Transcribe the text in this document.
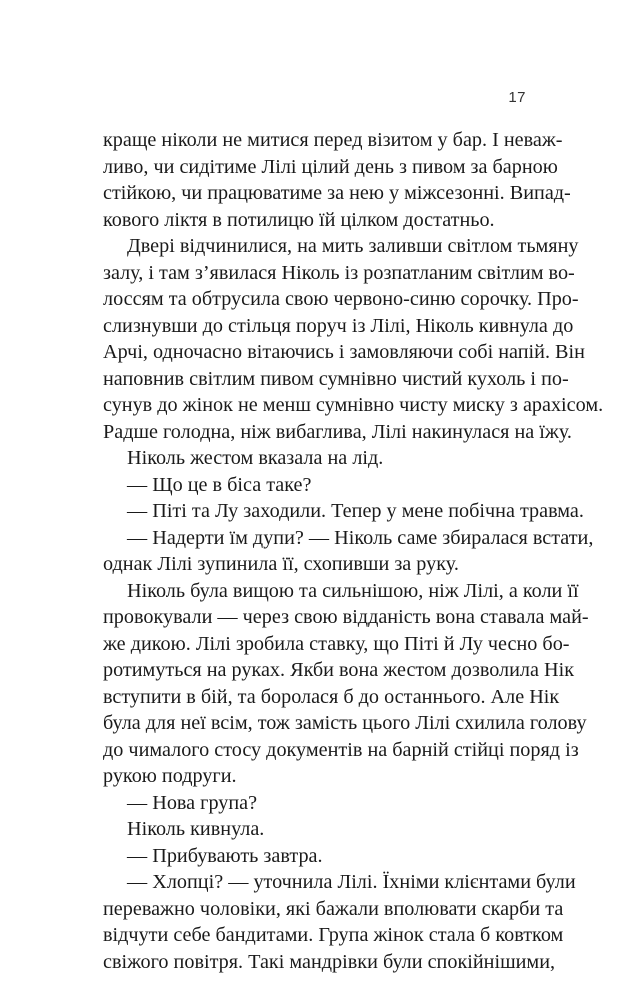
17
краще ніколи не митися перед візитом у бар. І неваж-
ливо, чи сидітиме Лілі цілий день з пивом за барною
стійкою, чи працюватиме за нею у міжсезонні. Випад-
кового ліктя в потилицю їй цілком достатньо.
Двері відчинилися, на мить заливши світлом тьмяну
залу, і там з’явилася Ніколь із розпатланим світлим во-
лоссям та обтрусила свою червоно-синю сорочку. Про-
слизнувши до стільця поруч із Лілі, Ніколь кивнула до
Арчі, одночасно вітаючись і замовляючи собі напій. Він
наповнив світлим пивом сумнівно чистий кухоль і по-
сунув до жінок не менш сумнівно чисту миску з арахісом.
Радше голодна, ніж вибаглива, Лілі накинулася на їжу.
Ніколь жестом вказала на лід.
— Що це в біса таке?
— Піті та Лу заходили. Тепер у мене побічна травма.
— Надерти їм дупи? — Ніколь саме збиралася встати,
однак Лілі зупинила її, схопивши за руку.
Ніколь була вищою та сильнішою, ніж Лілі, а коли її
провокували — через свою відданість вона ставала май-
же дикою. Лілі зробила ставку, що Піті й Лу чесно бо-
ротимуться на руках. Якби вона жестом дозволила Нік
вступити в бій, та боролася б до останнього. Але Нік
була для неї всім, тож замість цього Лілі схилила голову
до чималого стосу документів на барній стійці поряд із
рукою подруги.
— Нова група?
Ніколь кивнула.
— Прибувають завтра.
— Хлопці? — уточнила Лілі. Їхніми клієнтами були
переважно чоловіки, які бажали вполювати скарби та
відчути себе бандитами. Група жінок стала б ковтком
свіжого повітря. Такі мандрівки були спокійнішими,
